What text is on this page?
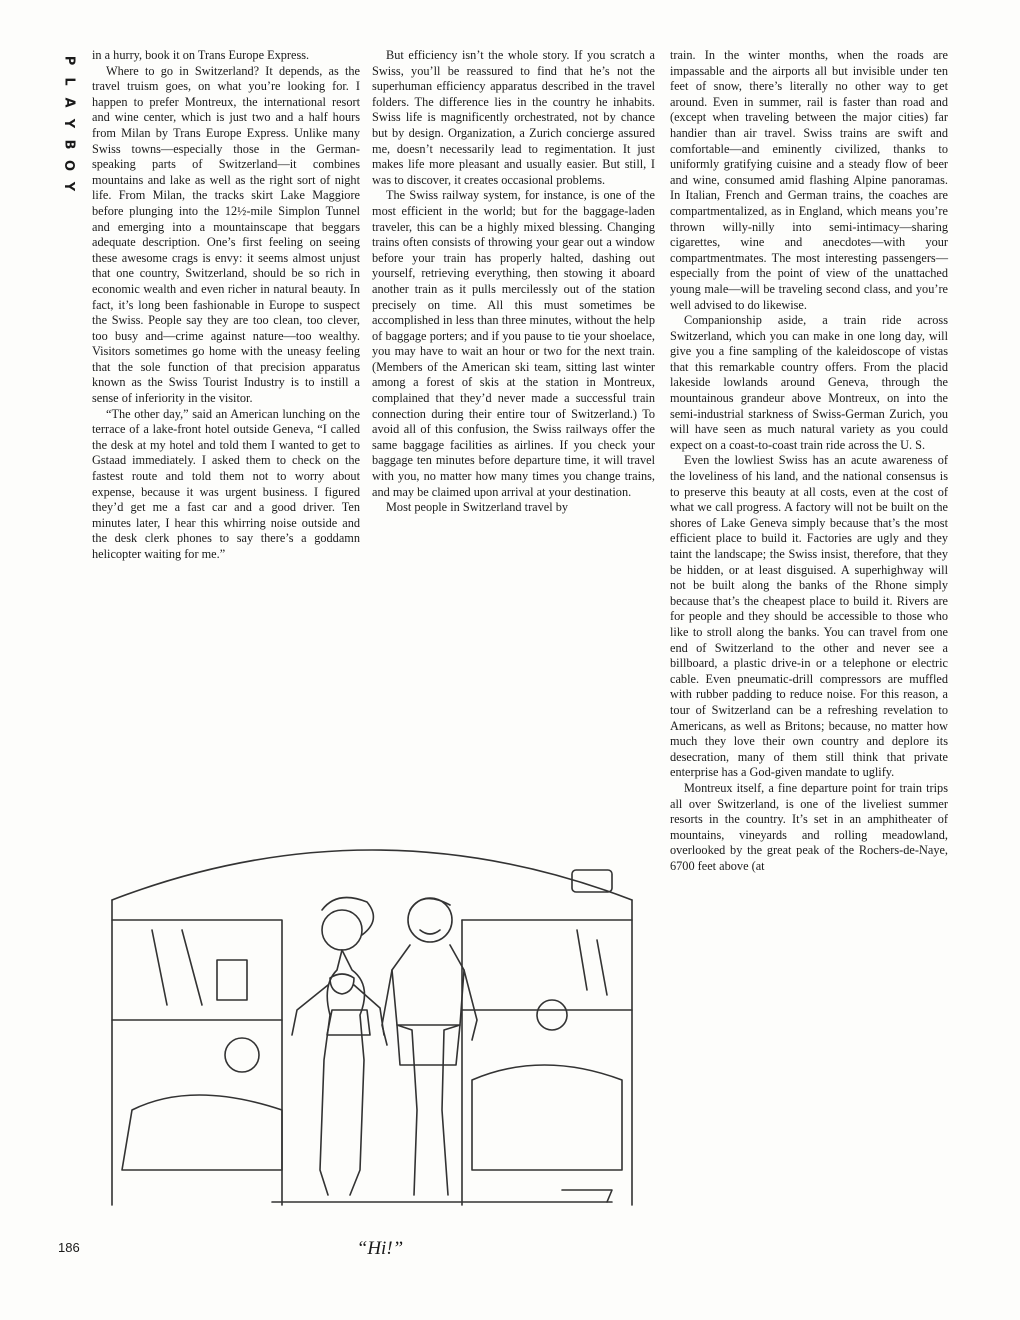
P
L
A
Y
B
O
Y

in a hurry, book it on Trans Europe Express.

Where to go in Switzerland? It depends, as the travel truism goes, on what you’re looking for. I happen to prefer Montreux, the international resort and wine center, which is just two and a half hours from Milan by Trans Europe Express. Unlike many Swiss towns—especially those in the German-speaking parts of Switzerland—it combines mountains and lake as well as the right sort of night life. From Milan, the tracks skirt Lake Maggiore before plunging into the 12½-mile Simplon Tunnel and emerging into a mountainscape that beggars adequate description. One’s first feeling on seeing these awesome crags is envy: it seems almost unjust that one country, Switzerland, should be so rich in economic wealth and even richer in natural beauty. In fact, it’s long been fashionable in Europe to suspect the Swiss. People say they are too clean, too clever, too busy and—crime against nature—too wealthy. Visitors sometimes go home with the uneasy feeling that the sole function of that precision apparatus known as the Swiss Tourist Industry is to instill a sense of inferiority in the visitor.

“The other day,” said an American lunching on the terrace of a lake-front hotel outside Geneva, “I called the desk at my hotel and told them I wanted to get to Gstaad immediately. I asked them to check on the fastest route and told them not to worry about expense, because it was urgent business. I figured they’d get me a fast car and a good driver. Ten minutes later, I hear this whirring noise outside and the desk clerk phones to say there’s a goddamn helicopter waiting for me.”

But efficiency isn’t the whole story. If you scratch a Swiss, you’ll be reassured to find that he’s not the superhuman efficiency apparatus described in the travel folders. The difference lies in the country he inhabits. Swiss life is magnificently orchestrated, not by chance but by design. Organization, a Zurich concierge assured me, doesn’t necessarily lead to regimentation. It just makes life more pleasant and usually easier. But still, I was to discover, it creates occasional problems.

The Swiss railway system, for instance, is one of the most efficient in the world; but for the baggage-laden traveler, this can be a highly mixed blessing. Changing trains often consists of throwing your gear out a window before your train has properly halted, dashing out yourself, retrieving everything, then stowing it aboard another train as it pulls mercilessly out of the station precisely on time. All this must sometimes be accomplished in less than three minutes, without the help of baggage porters; and if you pause to tie your shoelace, you may have to wait an hour or two for the next train. (Members of the American ski team, sitting last winter among a forest of skis at the station in Montreux, complained that they’d never made a successful train connection during their entire tour of Switzerland.) To avoid all of this confusion, the Swiss railways offer the same baggage facilities as airlines. If you check your baggage ten minutes before departure time, it will travel with you, no matter how many times you change trains, and may be claimed upon arrival at your destination.

Most people in Switzerland travel by

train. In the winter months, when the roads are impassable and the airports all but invisible under ten feet of snow, there’s literally no other way to get around. Even in summer, rail is faster than road and (except when traveling between the major cities) far handier than air travel. Swiss trains are swift and comfortable—and eminently civilized, thanks to uniformly gratifying cuisine and a steady flow of beer and wine, consumed amid flashing Alpine panoramas. In Italian, French and German trains, the coaches are compartmentalized, as in England, which means you’re thrown willy-nilly into semi-intimacy—sharing cigarettes, wine and anecdotes—with your compartmentmates. The most interesting passengers—especially from the point of view of the unattached young male—will be traveling second class, and you’re well advised to do likewise.

Companionship aside, a train ride across Switzerland, which you can make in one long day, will give you a fine sampling of the kaleidoscope of vistas that this remarkable country offers. From the placid lakeside lowlands around Geneva, through the mountainous grandeur above Montreux, on into the semi-industrial starkness of Swiss-German Zurich, you will have seen as much natural variety as you could expect on a coast-to-coast train ride across the U. S.

Even the lowliest Swiss has an acute awareness of the loveliness of his land, and the national consensus is to preserve this beauty at all costs, even at the cost of what we call progress. A factory will not be built on the shores of Lake Geneva simply because that’s the most efficient place to build it. Factories are ugly and they taint the landscape; the Swiss insist, therefore, that they be hidden, or at least disguised. A superhighway will not be built along the banks of the Rhone simply because that’s the cheapest place to build it. Rivers are for people and they should be accessible to those who like to stroll along the banks. You can travel from one end of Switzerland to the other and never see a billboard, a plastic drive-in or a telephone or electric cable. Even pneumatic-drill compressors are muffled with rubber padding to reduce noise. For this reason, a tour of Switzerland can be a refreshing revelation to Americans, as well as Britons; because, no matter how much they love their own country and deplore its desecration, many of them still think that private enterprise has a God-given mandate to uglify.

Montreux itself, a fine departure point for train trips all over Switzerland, is one of the liveliest summer resorts in the country. It’s set in an amphitheater of mountains, vineyards and rolling meadowland, overlooked by the great peak of the Rochers-de-Naye, 6700 feet above (at

“Hi!”
186
